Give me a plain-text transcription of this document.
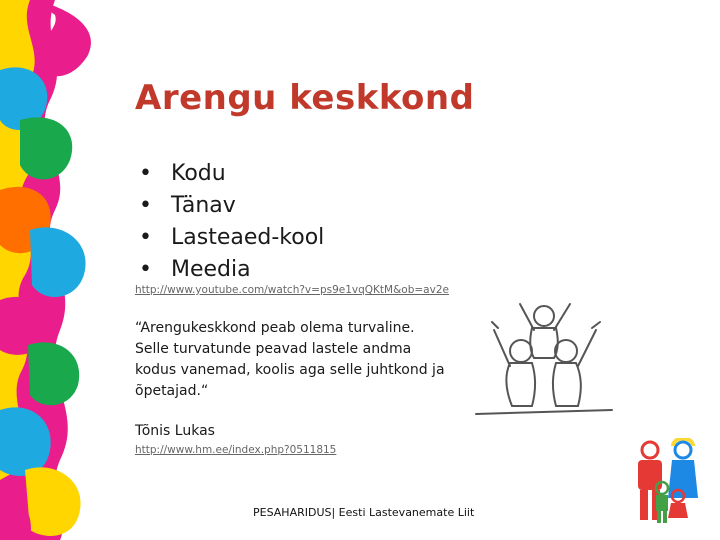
Arengu keskkond
• Kodu
• Tänav
• Lasteaed-kool
• Meedia
http://www.youtube.com/watch?v=ps9e1vqQKtM&ob=av2e

“Arengukeskkond peab olema turvaline. Selle turvatunde peavad lastele andma kodus vanemad, koolis aga selle juhtkond ja õpetajad.“

Tõnis Lukas
http://www.hm.ee/index.php?0511815
PESAHARIDUS| Eesti Lastevanemate Liit
